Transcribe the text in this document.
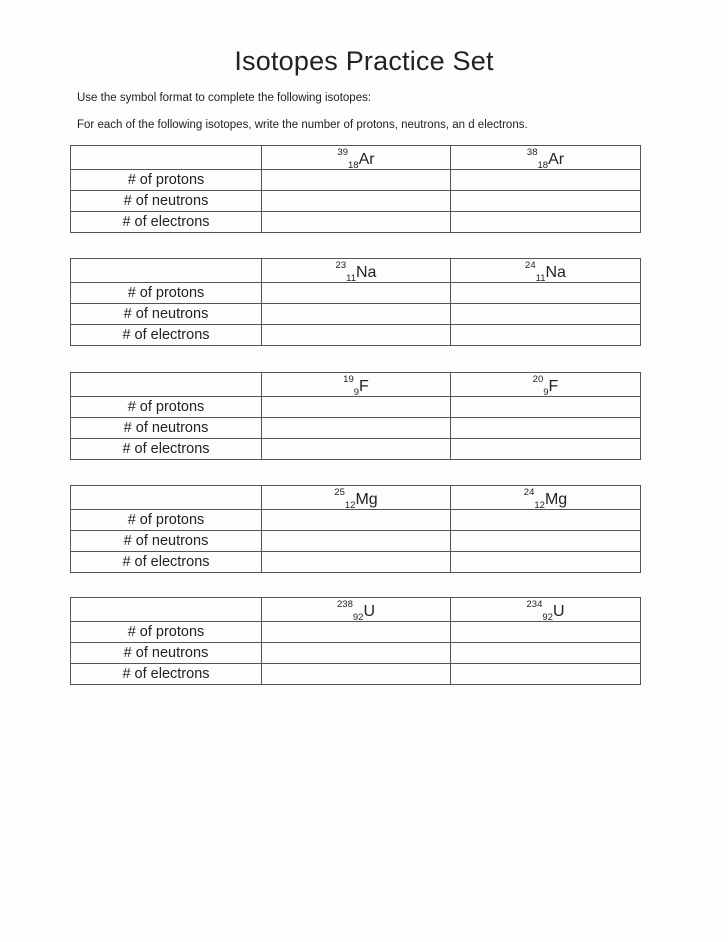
Isotopes Practice Set
Use the symbol format to complete the following isotopes:
For each of the following isotopes, write the number of protons, neutrons, an d electrons.
	$^{39}_{18}$Ar	$^{38}_{18}$Ar
# of protons		
# of neutrons		
# of electrons		
	$^{23}_{11}$Na	$^{24}_{11}$Na
# of protons		
# of neutrons		
# of electrons		
	$^{19}_9$F	$^{20}_9$F
# of protons		
# of neutrons		
# of electrons		
	$^{25}_{12}$Mg	$^{24}_{12}$Mg
# of protons		
# of neutrons		
# of electrons		
	$^{238}_{92}$U	$^{234}_{92}$U
# of protons		
# of neutrons		
# of electrons		
